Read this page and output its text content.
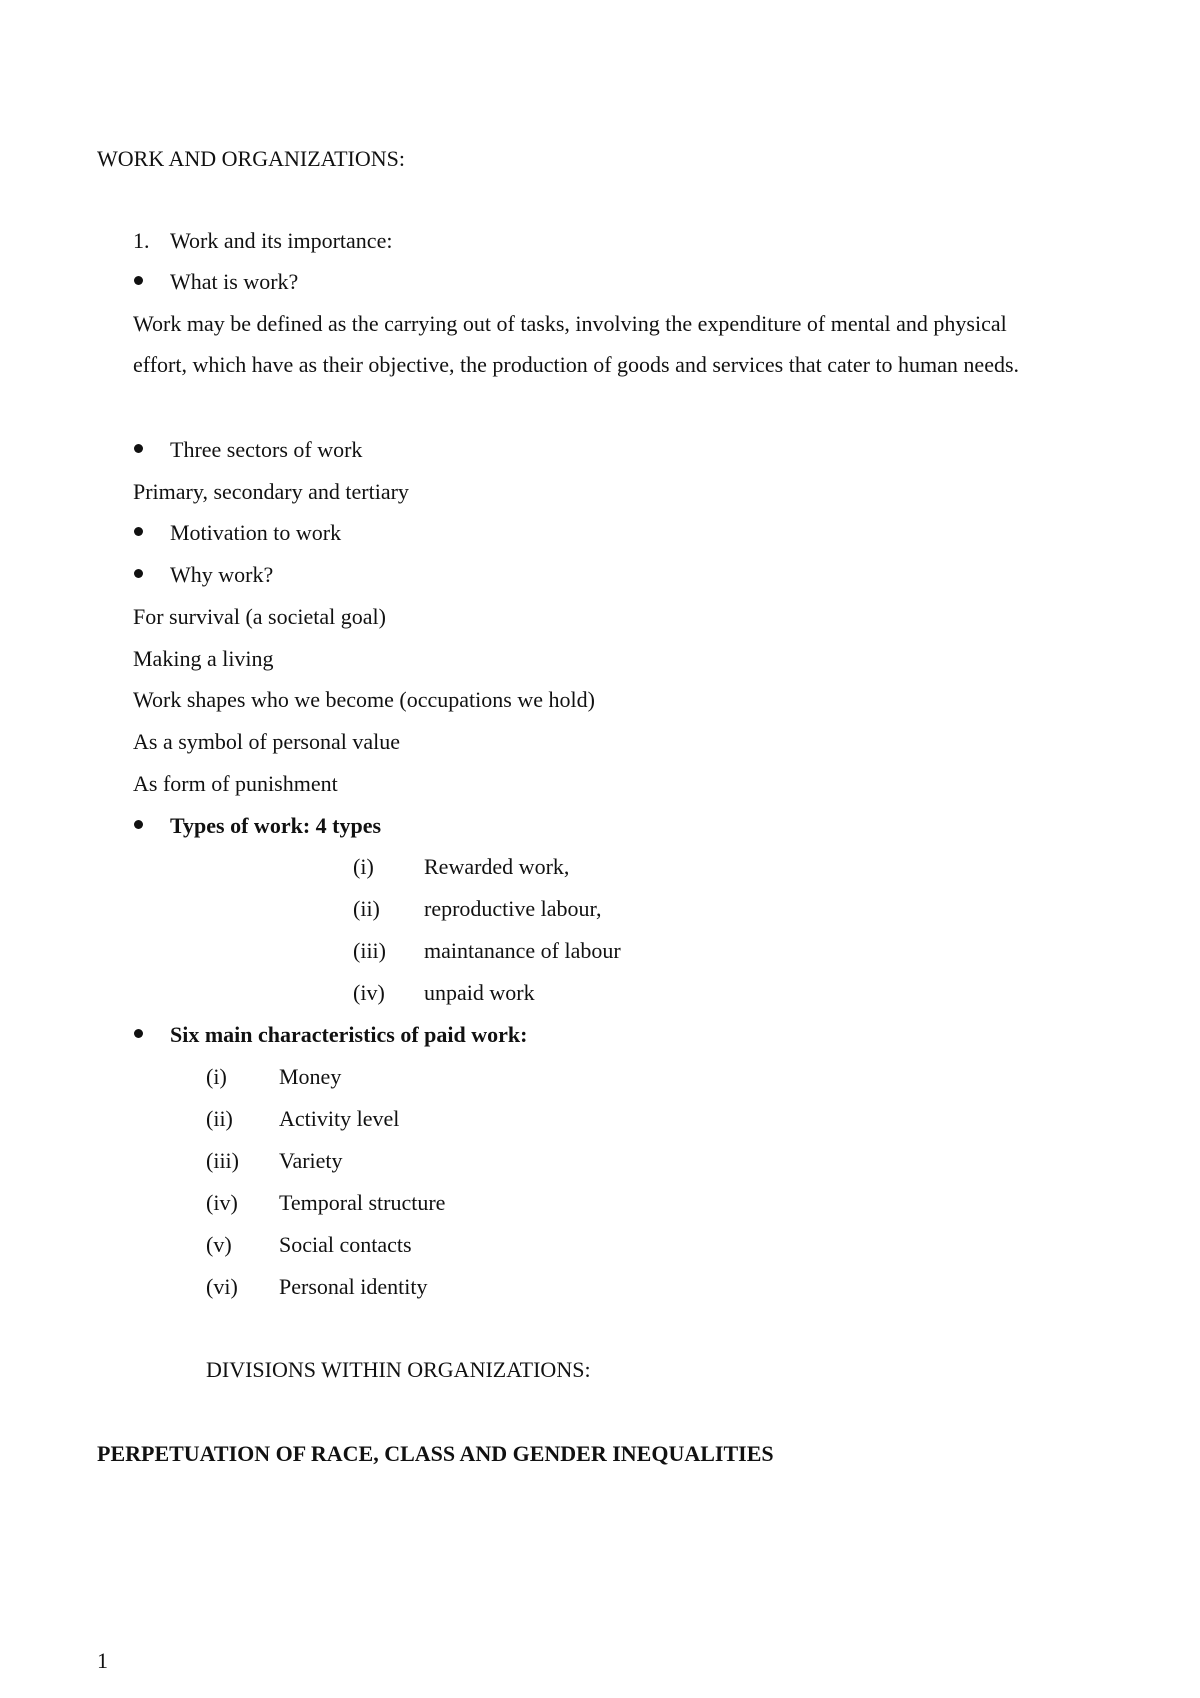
WORK AND ORGANIZATIONS:
1. Work and its importance:
What is work?
Work may be defined as the carrying out of tasks, involving the expenditure of mental and physical
effort, which have as their objective, the production of goods and services that cater to human needs.
Three sectors of work
Primary, secondary and tertiary
Motivation to work
Why work?
For survival (a societal goal)
Making a living
Work shapes who we become (occupations we hold)
As a symbol of personal value
As form of punishment
Types of work: 4 types
(i) Rewarded work,
(ii) reproductive labour,
(iii) maintanance of labour
(iv) unpaid work
Six main characteristics of paid work:
(i) Money
(ii) Activity level
(iii) Variety
(iv) Temporal structure
(v) Social contacts
(vi) Personal identity
DIVISIONS WITHIN ORGANIZATIONS:
PERPETUATION OF RACE, CLASS AND GENDER INEQUALITIES
1
